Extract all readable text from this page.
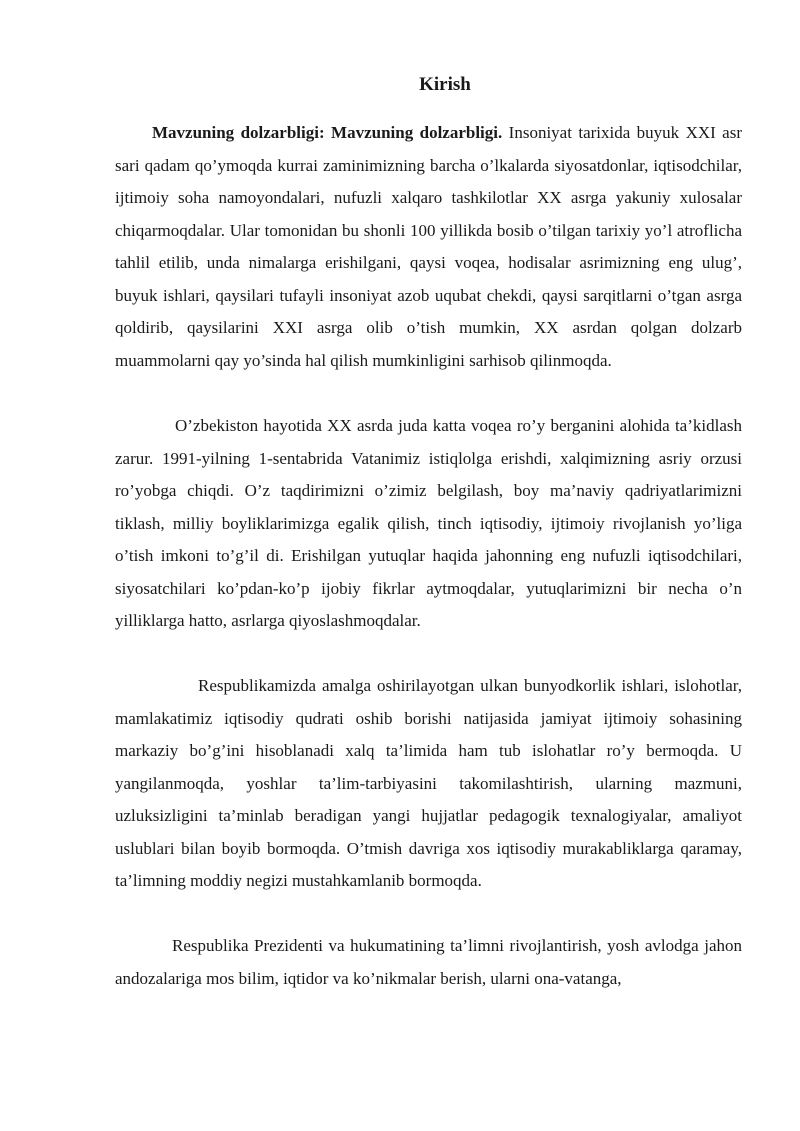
Kirish

Mavzuning dolzarbligi: Mavzuning dolzarbligi. Insoniyat tarixida buyuk XXI asr sari qadam qo’ymoqda kurrai zaminimizning barcha o’lkalarda siyosatdonlar, iqtisodchilar, ijtimoiy soha namoyondalari, nufuzli xalqaro tashkilotlar XX asrga yakuniy xulosalar chiqarmoqdalar. Ular tomonidan bu shonli 100 yillikda bosib o’tilgan tarixiy yo’l atroflicha tahlil etilib, unda nimalarga erishilgani, qaysi voqea, hodisalar asrimizning eng ulug’, buyuk ishlari, qaysilari tufayli insoniyat azob uqubat chekdi, qaysi sarqitlarni o’tgan asrga qoldirib, qaysilarini XXI asrga olib o’tish mumkin, XX asrdan qolgan dolzarb muammolarni qay yo’sinda hal qilish mumkinligini sarhisob qilinmoqda.

O’zbekiston hayotida XX asrda juda katta voqea ro’y berganini alohida ta’kidlash zarur. 1991-yilning 1-sentabrida Vatanimiz istiqlolga erishdi, xalqimizning asriy orzusi ro’yobga chiqdi. O’z taqdirimizni o’zimiz belgilash, boy ma’naviy qadriyatlarimizni tiklash, milliy boyliklarimizga egalik qilish, tinch iqtisodiy, ijtimoiy rivojlanish yo’liga o’tish imkoni to’g’il di. Erishilgan yutuqlar haqida jahonning eng nufuzli iqtisodchilari, siyosatchilari ko’pdan-ko’p ijobiy fikrlar aytmoqdalar, yutuqlarimizni bir necha o’n yilliklarga hatto, asrlarga qiyoslashmoqdalar.

Respublikamizda amalga oshirilayotgan ulkan bunyodkorlik ishlari, islohotlar, mamlakatimiz iqtisodiy qudrati oshib borishi natijasida jamiyat ijtimoiy sohasining markaziy bo’g’ini hisoblanadi xalq ta’limida ham tub islohatlar ro’y bermoqda. U yangilanmoqda, yoshlar ta’lim-tarbiyasini takomilashtirish, ularning mazmuni, uzluksizligini ta’minlab beradigan yangi hujjatlar pedagogik texnalogiyalar, amaliyot uslublari bilan boyib bormoqda. O’tmish davriga xos iqtisodiy murakabliklarga qaramay, ta’limning moddiy negizi mustahkamlanib bormoqda.

Respublika Prezidenti va hukumatining ta’limni rivojlantirish, yosh avlodga jahon andozalariga mos bilim, iqtidor va ko’nikmalar berish, ularni ona-vatanga,
